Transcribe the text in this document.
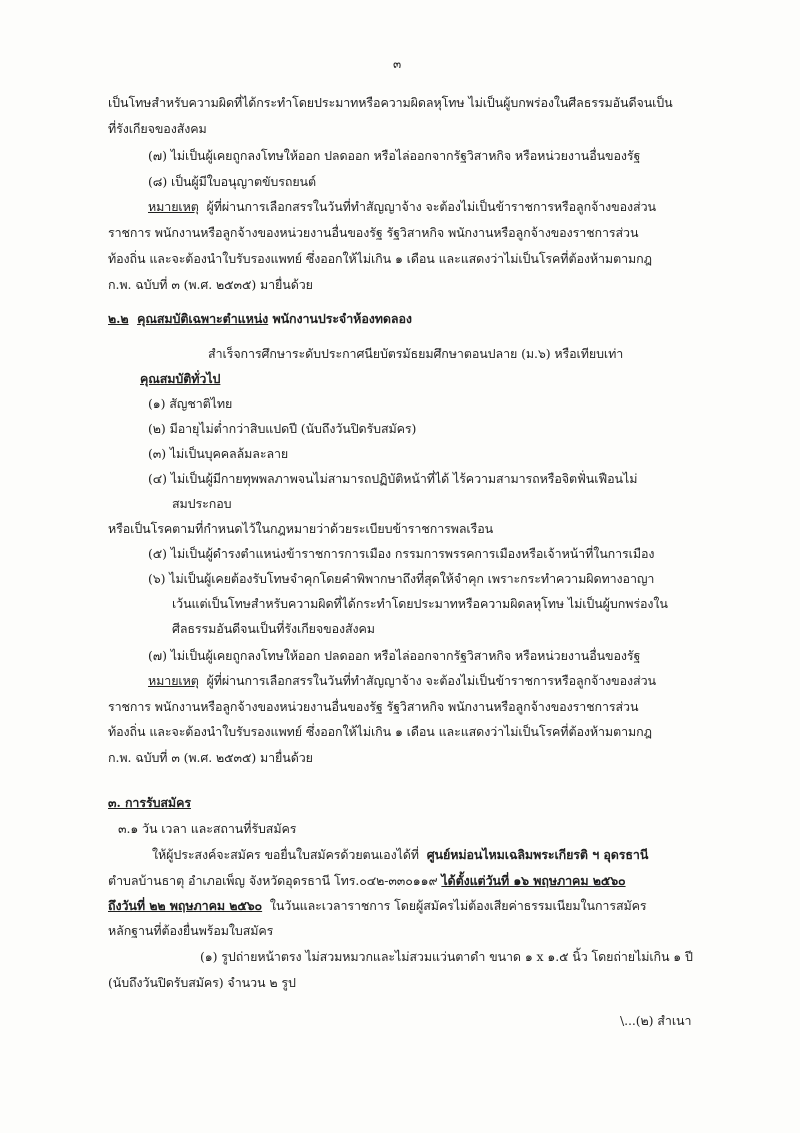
๓
เป็นโทษสำหรับความผิดที่ได้กระทำโดยประมาทหรือความผิดลหุโทษ ไม่เป็นผู้บกพร่องในศีลธรรมอันดีจนเป็น
ที่รังเกียจของสังคม
(๗) ไม่เป็นผู้เคยถูกลงโทษให้ออก ปลดออก หรือไล่ออกจากรัฐวิสาหกิจ หรือหน่วยงานอื่นของรัฐ
(๘) เป็นผู้มีใบอนุญาตขับรถยนต์
หมายเหตุ ผู้ที่ผ่านการเลือกสรรในวันที่ทำสัญญาจ้าง จะต้องไม่เป็นข้าราชการหรือลูกจ้างของส่วน
ราชการ พนักงานหรือลูกจ้างของหน่วยงานอื่นของรัฐ รัฐวิสาหกิจ พนักงานหรือลูกจ้างของราชการส่วน
ท้องถิ่น และจะต้องนำใบรับรองแพทย์ ซึ่งออกให้ไม่เกิน ๑ เดือน และแสดงว่าไม่เป็นโรคที่ต้องห้ามตามกฎ
ก.พ. ฉบับที่ ๓ (พ.ศ. ๒๕๓๕) มายื่นด้วย
๒.๒ คุณสมบัติเฉพาะตำแหน่ง พนักงานประจำห้องทดลอง
สำเร็จการศึกษาระดับประกาศนียบัตรมัธยมศึกษาตอนปลาย (ม.๖) หรือเทียบเท่า
คุณสมบัติทั่วไป
(๑) สัญชาติไทย
(๒) มีอายุไม่ต่ำกว่าสิบแปดปี (นับถึงวันปิดรับสมัคร)
(๓) ไม่เป็นบุคคลล้มละลาย
(๔) ไม่เป็นผู้มีกายทุพพลภาพจนไม่สามารถปฏิบัติหน้าที่ได้ ไร้ความสามารถหรือจิตฟั่นเฟือนไม่
สมประกอบ
หรือเป็นโรคตามที่กำหนดไว้ในกฎหมายว่าด้วยระเบียบข้าราชการพลเรือน
(๕) ไม่เป็นผู้ดำรงตำแหน่งข้าราชการการเมือง กรรมการพรรคการเมืองหรือเจ้าหน้าที่ในการเมือง
(๖) ไม่เป็นผู้เคยต้องรับโทษจำคุกโดยคำพิพากษาถึงที่สุดให้จำคุก เพราะกระทำความผิดทางอาญา
เว้นแต่เป็นโทษสำหรับความผิดที่ได้กระทำโดยประมาทหรือความผิดลหุโทษ ไม่เป็นผู้บกพร่องใน
ศีลธรรมอันดีจนเป็นที่รังเกียจของสังคม
(๗) ไม่เป็นผู้เคยถูกลงโทษให้ออก ปลดออก หรือไล่ออกจากรัฐวิสาหกิจ หรือหน่วยงานอื่นของรัฐ
หมายเหตุ ผู้ที่ผ่านการเลือกสรรในวันที่ทำสัญญาจ้าง จะต้องไม่เป็นข้าราชการหรือลูกจ้างของส่วน
ราชการ พนักงานหรือลูกจ้างของหน่วยงานอื่นของรัฐ รัฐวิสาหกิจ พนักงานหรือลูกจ้างของราชการส่วน
ท้องถิ่น และจะต้องนำใบรับรองแพทย์ ซึ่งออกให้ไม่เกิน ๑ เดือน และแสดงว่าไม่เป็นโรคที่ต้องห้ามตามกฎ
ก.พ. ฉบับที่ ๓ (พ.ศ. ๒๕๓๕) มายื่นด้วย
๓. การรับสมัคร
๓.๑ วัน เวลา และสถานที่รับสมัคร
ให้ผู้ประสงค์จะสมัคร ขอยื่นใบสมัครด้วยตนเองได้ที่ ศูนย์หม่อนไหมเฉลิมพระเกียรติ ฯ อุดรธานี
ตำบลบ้านธาตุ อำเภอเพ็ญ จังหวัดอุดรธานี โทร.๐๔๒-๓๓๐๑๑๙ ได้ตั้งแต่วันที่ ๑๖ พฤษภาคม ๒๕๖๐
ถึงวันที่ ๒๒ พฤษภาคม ๒๕๖๐ ในวันและเวลาราชการ โดยผู้สมัครไม่ต้องเสียค่าธรรมเนียมในการสมัคร
หลักฐานที่ต้องยื่นพร้อมใบสมัคร
(๑) รูปถ่ายหน้าตรง ไม่สวมหมวกและไม่สวมแว่นตาดำ ขนาด ๑ x ๑.๕ นิ้ว โดยถ่ายไม่เกิน ๑ ปี
(นับถึงวันปิดรับสมัคร) จำนวน ๒ รูป
\...(๒) สำเนา
